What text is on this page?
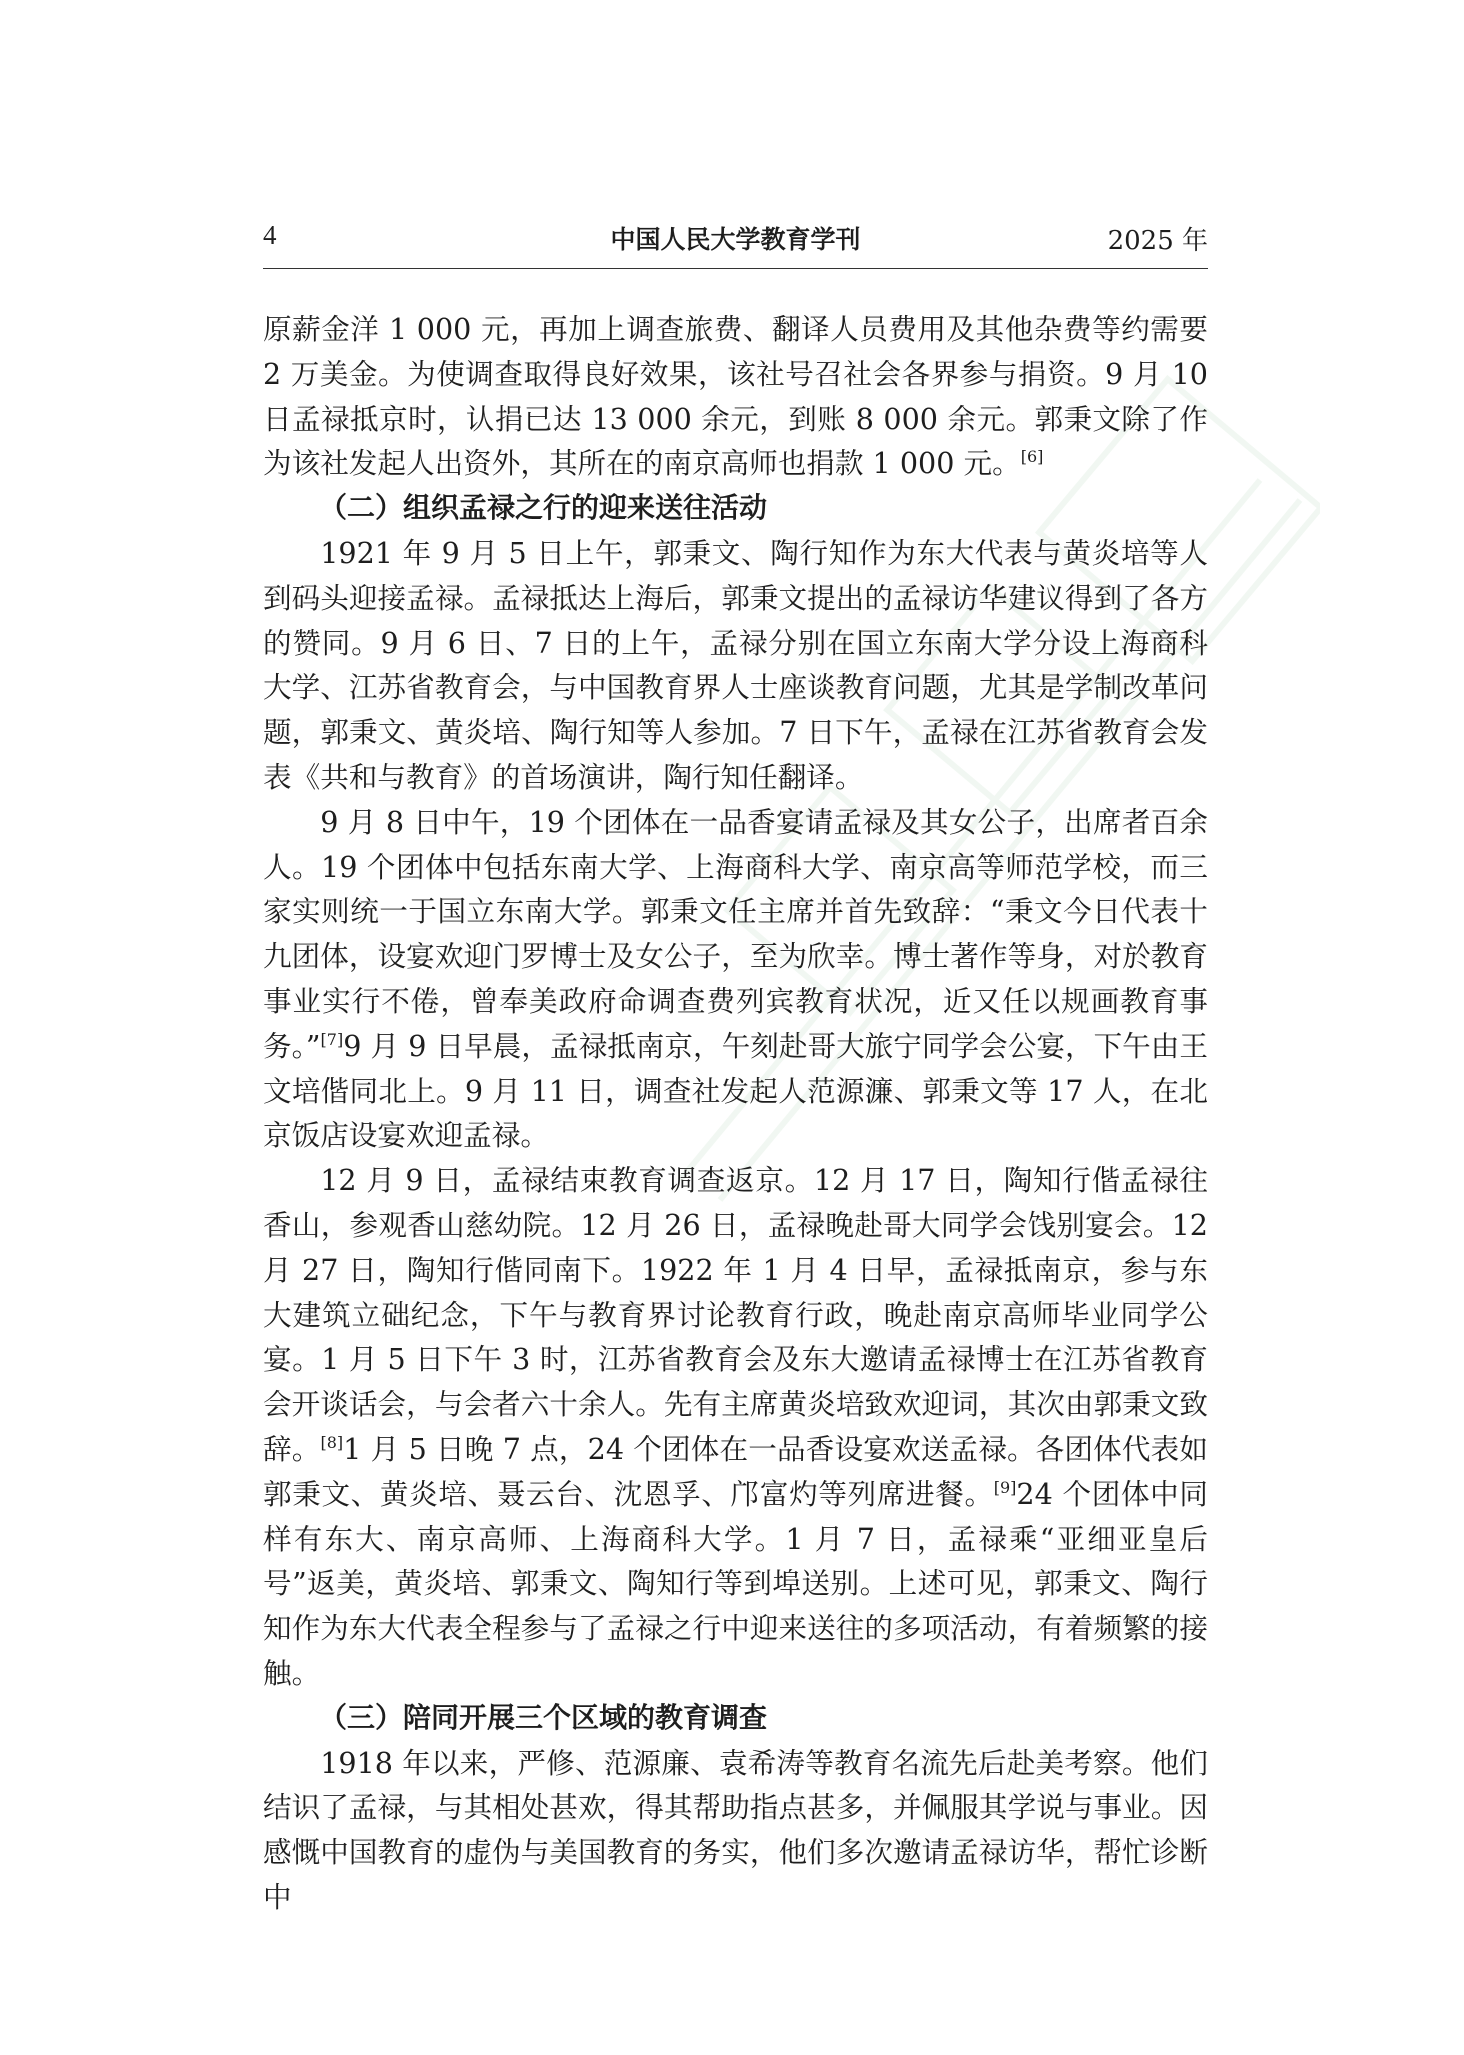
4	中国人民大学教育学刊	2025 年

原薪金洋 1 000 元，再加上调查旅费、翻译人员费用及其他杂费等约需要 2 万美金。为使调查取得良好效果，该社号召社会各界参与捐资。9 月 10 日孟禄抵京时，认捐已达 13 000 余元，到账 8 000 余元。郭秉文除了作为该社发起人出资外，其所在的南京高师也捐款 1 000 元。[6]

（二）组织孟禄之行的迎来送往活动

1921 年 9 月 5 日上午，郭秉文、陶行知作为东大代表与黄炎培等人到码头迎接孟禄。孟禄抵达上海后，郭秉文提出的孟禄访华建议得到了各方的赞同。9 月 6 日、7 日的上午，孟禄分别在国立东南大学分设上海商科大学、江苏省教育会，与中国教育界人士座谈教育问题，尤其是学制改革问题，郭秉文、黄炎培、陶行知等人参加。7 日下午，孟禄在江苏省教育会发表《共和与教育》的首场演讲，陶行知任翻译。

9 月 8 日中午，19 个团体在一品香宴请孟禄及其女公子，出席者百余人。19 个团体中包括东南大学、上海商科大学、南京高等师范学校，而三家实则统一于国立东南大学。郭秉文任主席并首先致辞：“秉文今日代表十九团体，设宴欢迎门罗博士及女公子，至为欣幸。博士著作等身，对於教育事业实行不倦，曾奉美政府命调查费列宾教育状况，近又任以规画教育事务。”[7]9 月 9 日早晨，孟禄抵南京，午刻赴哥大旅宁同学会公宴，下午由王文培偕同北上。9 月 11 日，调查社发起人范源濂、郭秉文等 17 人，在北京饭店设宴欢迎孟禄。

12 月 9 日，孟禄结束教育调查返京。12 月 17 日，陶知行偕孟禄往香山，参观香山慈幼院。12 月 26 日，孟禄晚赴哥大同学会饯别宴会。12 月 27 日，陶知行偕同南下。1922 年 1 月 4 日早，孟禄抵南京，参与东大建筑立础纪念，下午与教育界讨论教育行政，晚赴南京高师毕业同学公宴。1 月 5 日下午 3 时，江苏省教育会及东大邀请孟禄博士在江苏省教育会开谈话会，与会者六十余人。先有主席黄炎培致欢迎词，其次由郭秉文致辞。[8]1 月 5 日晚 7 点，24 个团体在一品香设宴欢送孟禄。各团体代表如郭秉文、黄炎培、聂云台、沈恩孚、邝富灼等列席进餐。[9]24 个团体中同样有东大、南京高师、上海商科大学。1 月 7 日，孟禄乘“亚细亚皇后号”返美，黄炎培、郭秉文、陶知行等到埠送别。上述可见，郭秉文、陶行知作为东大代表全程参与了孟禄之行中迎来送往的多项活动，有着频繁的接触。

（三）陪同开展三个区域的教育调查

1918 年以来，严修、范源廉、袁希涛等教育名流先后赴美考察。他们结识了孟禄，与其相处甚欢，得其帮助指点甚多，并佩服其学说与事业。因感慨中国教育的虚伪与美国教育的务实，他们多次邀请孟禄访华，帮忙诊断中
